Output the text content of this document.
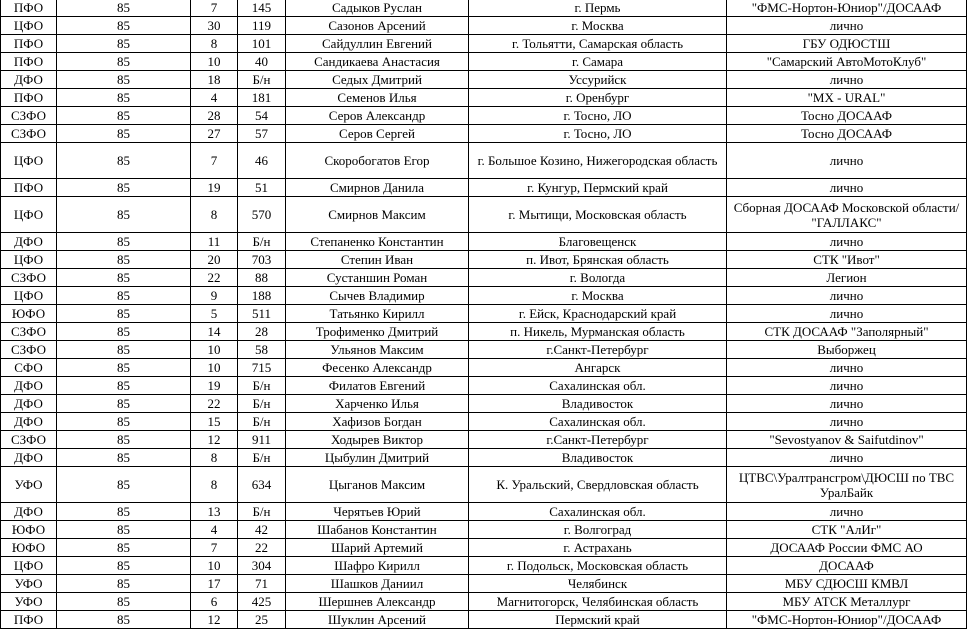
ПФО	85	7	145	Садыков Руслан	г. Пермь	"ФМС-Нортон-Юниор"/ДОСААФ
ЦФО	85	30	119	Сазонов Арсений	г. Москва	лично
ПФО	85	8	101	Сайдуллин Евгений	г. Тольятти, Самарская область	ГБУ ОДЮСТШ
ПФО	85	10	40	Сандикаева Анастасия	г. Самара	"Самарский АвтоМотоКлуб"
ДФО	85	18	Б/н	Седых Дмитрий	Уссурийск	лично
ПФО	85	4	181	Семенов Илья	г. Оренбург	"MX - URAL"
СЗФО	85	28	54	Серов Александр	г. Тосно, ЛО	Тосно ДОСААФ
СЗФО	85	27	57	Серов Сергей	г. Тосно, ЛО	Тосно ДОСААФ
ЦФО	85	7	46	Скоробогатов Егор	г. Большое Козино, Нижегородская область	лично
ПФО	85	19	51	Смирнов Данила	г. Кунгур, Пермский край	лично
ЦФО	85	8	570	Смирнов Максим	г. Мытищи, Московская область	Сборная ДОСААФ Московской области/ "ГАЛЛАКС"
ДФО	85	11	Б/н	Степаненко Константин	Благовещенск	лично
ЦФО	85	20	703	Степин Иван	п. Ивот, Брянская область	СТК "Ивот"
СЗФО	85	22	88	Сустаншин Роман	г. Вологда	Легион
ЦФО	85	9	188	Сычев Владимир	г. Москва	лично
ЮФО	85	5	511	Татьянко Кирилл	г. Ейск, Краснодарский край	лично
СЗФО	85	14	28	Трофименко Дмитрий	п. Никель, Мурманская область	СТК ДОСААФ "Заполярный"
СЗФО	85	10	58	Ульянов Максим	г.Санкт-Петербург	Выборжец
СФО	85	10	715	Фесенко Александр	Ангарск	лично
ДФО	85	19	Б/н	Филатов Евгений	Сахалинская обл.	лично
ДФО	85	22	Б/н	Харченко Илья	Владивосток	лично
ДФО	85	15	Б/н	Хафизов Богдан	Сахалинская обл.	лично
СЗФО	85	12	911	Ходырев Виктор	г.Санкт-Петербург	"Sevostyanov & Saifutdinov"
ДФО	85	8	Б/н	Цыбулин Дмитрий	Владивосток	лично
УФО	85	8	634	Цыганов Максим	К. Уральский, Свердловская область	ЦТВС\Уралтрансгром\ДЮСШ по ТВС УралБайк
ДФО	85	13	Б/н	Черятьев Юрий	Сахалинская обл.	лично
ЮФО	85	4	42	Шабанов Константин	г. Волгоград	СТК "АлИг"
ЮФО	85	7	22	Шарий Артемий	г. Астрахань	ДОСААФ России ФМС АО
ЦФО	85	10	304	Шафро Кирилл	г. Подольск, Московская область	ДОСААФ
УФО	85	17	71	Шашков Даниил	Челябинск	МБУ СДЮСШ КМВЛ
УФО	85	6	425	Шершнев Александр	Магнитогорск, Челябинская область	МБУ АТСК Металлург
ПФО	85	12	25	Шуклин Арсений	Пермский край	"ФМС-Нортон-Юниор"/ДОСААФ
